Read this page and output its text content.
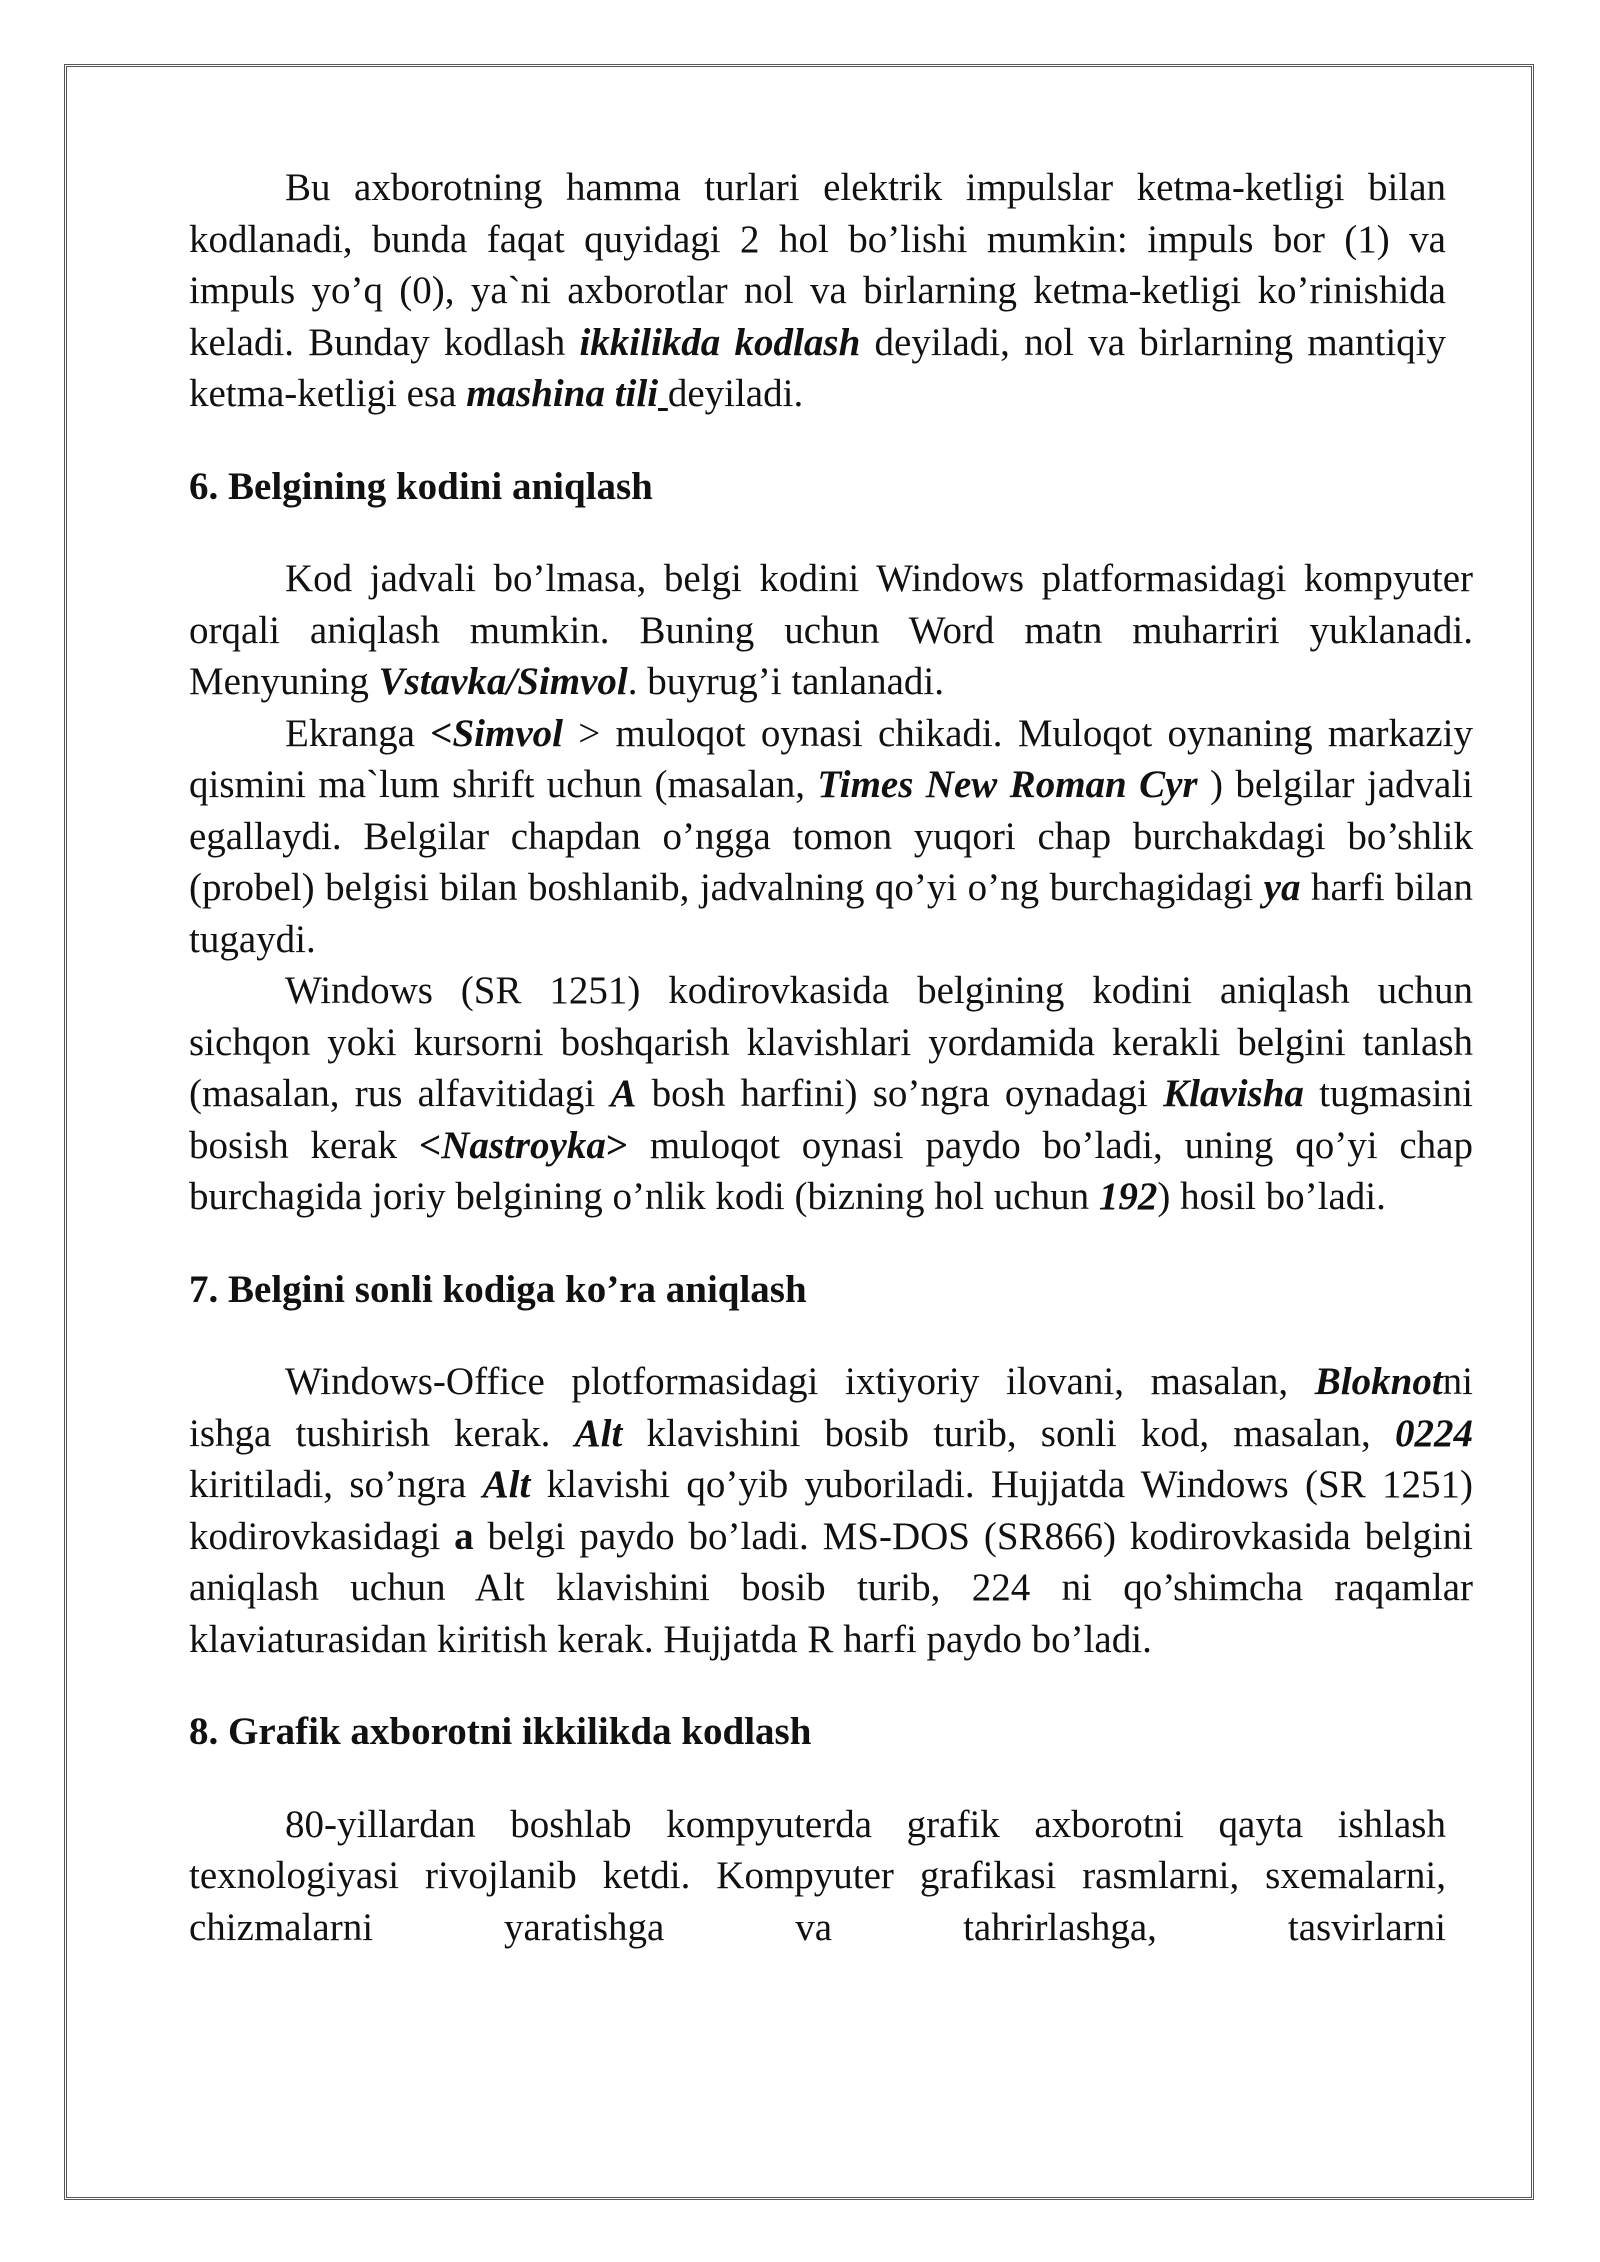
Bu axborotning hamma turlari elektrik impulslar ketma-ketligi bilan kodlanadi, bunda faqat quyidagi 2 hol bo’lishi mumkin: impuls bor (1) va impuls yo’q (0), ya`ni axborotlar nol va birlarning ketma-ketligi ko’rinishida keladi. Bunday kodlash ikkilikda kodlash deyiladi, nol va birlarning mantiqiy ketma-ketligi esa mashina tili deyiladi.

6. Belgining kodini aniqlash

Kod jadvali bo’lmasa, belgi kodini Windows platformasidagi kompyuter orqali aniqlash mumkin. Buning uchun Word matn muharriri yuklanadi. Menyuning Vstavka/Simvol. buyrug’i tanlanadi.

Ekranga <Simvol > muloqot oynasi chikadi. Muloqot oynaning markaziy qismini ma`lum shrift uchun (masalan, Times New Roman Cyr ) belgilar jadvali egallaydi. Belgilar chapdan o’ngga tomon yuqori chap burchakdagi bo’shlik (probel) belgisi bilan boshlanib, jadvalning qo’yi o’ng burchagidagi ya harfi bilan tugaydi.

Windows (SR 1251) kodirovkasida belgining kodini aniqlash uchun sichqon yoki kursorni boshqarish klavishlari yordamida kerakli belgini tanlash (masalan, rus alfavitidagi A bosh harfini) so’ngra oynadagi Klavisha tugmasini bosish kerak <Nastroyka> muloqot oynasi paydo bo’ladi, uning qo’yi chap burchagida joriy belgining o’nlik kodi (bizning hol uchun 192) hosil bo’ladi.

7. Belgini sonli kodiga ko’ra aniqlash

Windows-Office plotformasidagi ixtiyoriy ilovani, masalan, Bloknotni ishga tushirish kerak. Alt klavishini bosib turib, sonli kod, masalan, 0224 kiritiladi, so’ngra Alt klavishi qo’yib yuboriladi. Hujjatda Windows (SR 1251) kodirovkasidagi a belgi paydo bo’ladi. MS-DOS (SR866) kodirovkasida belgini aniqlash uchun Alt klavishini bosib turib, 224 ni qo’shimcha raqamlar klaviaturasidan kiritish kerak. Hujjatda R harfi paydo bo’ladi.

8. Grafik axborotni ikkilikda kodlash

80-yillardan boshlab kompyuterda grafik axborotni qayta ishlash texnologiyasi rivojlanib ketdi. Kompyuter grafikasi rasmlarni, sxemalarni, chizmalarni yaratishga va tahrirlashga, tasvirlarni
